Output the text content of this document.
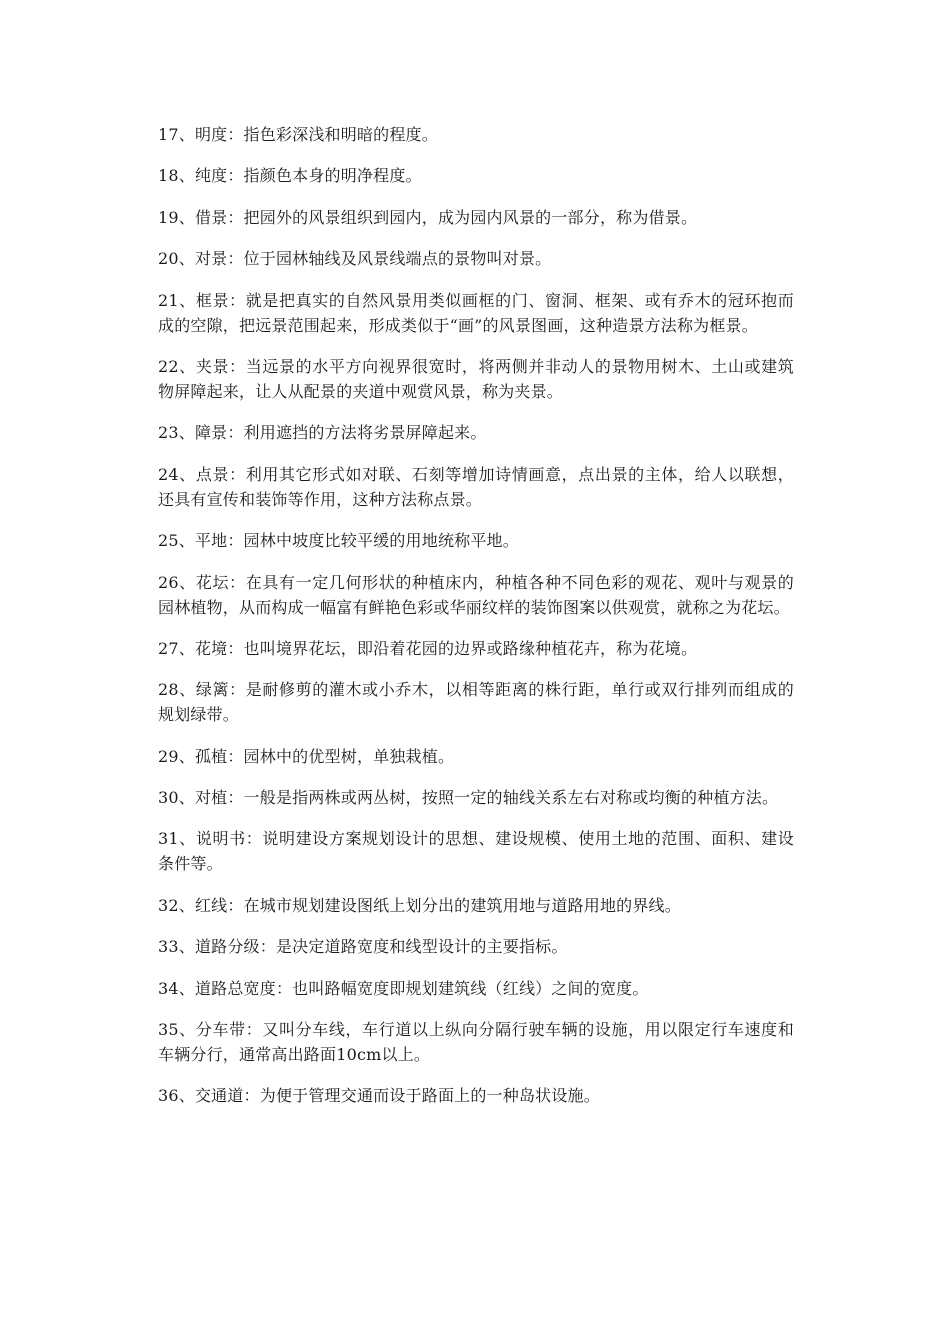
17、明度：指色彩深浅和明暗的程度。

18、纯度：指颜色本身的明净程度。

19、借景：把园外的风景组织到园内，成为园内风景的一部分，称为借景。

20、对景：位于园林轴线及风景线端点的景物叫对景。

21、框景：就是把真实的自然风景用类似画框的门、窗洞、框架、或有乔木的冠环抱而成的空隙，把远景范围起来，形成类似于“画”的风景图画，这种造景方法称为框景。

22、夹景：当远景的水平方向视界很宽时，将两侧并非动人的景物用树木、土山或建筑物屏障起来，让人从配景的夹道中观赏风景，称为夹景。

23、障景：利用遮挡的方法将劣景屏障起来。

24、点景：利用其它形式如对联、石刻等增加诗情画意，点出景的主体，给人以联想，还具有宣传和装饰等作用，这种方法称点景。

25、平地：园林中坡度比较平缓的用地统称平地。

26、花坛：在具有一定几何形状的种植床内，种植各种不同色彩的观花、观叶与观景的园林植物，从而构成一幅富有鲜艳色彩或华丽纹样的装饰图案以供观赏，就称之为花坛。

27、花境：也叫境界花坛，即沿着花园的边界或路缘种植花卉，称为花境。

28、绿篱：是耐修剪的灌木或小乔木，以相等距离的株行距，单行或双行排列而组成的规划绿带。

29、孤植：园林中的优型树，单独栽植。

30、对植：一般是指两株或两丛树，按照一定的轴线关系左右对称或均衡的种植方法。

31、说明书：说明建设方案规划设计的思想、建设规模、使用土地的范围、面积、建设条件等。

32、红线：在城市规划建设图纸上划分出的建筑用地与道路用地的界线。

33、道路分级：是决定道路宽度和线型设计的主要指标。

34、道路总宽度：也叫路幅宽度即规划建筑线（红线）之间的宽度。

35、分车带：又叫分车线，车行道以上纵向分隔行驶车辆的设施，用以限定行车速度和车辆分行，通常高出路面10cm以上。

36、交通道：为便于管理交通而设于路面上的一种岛状设施。
